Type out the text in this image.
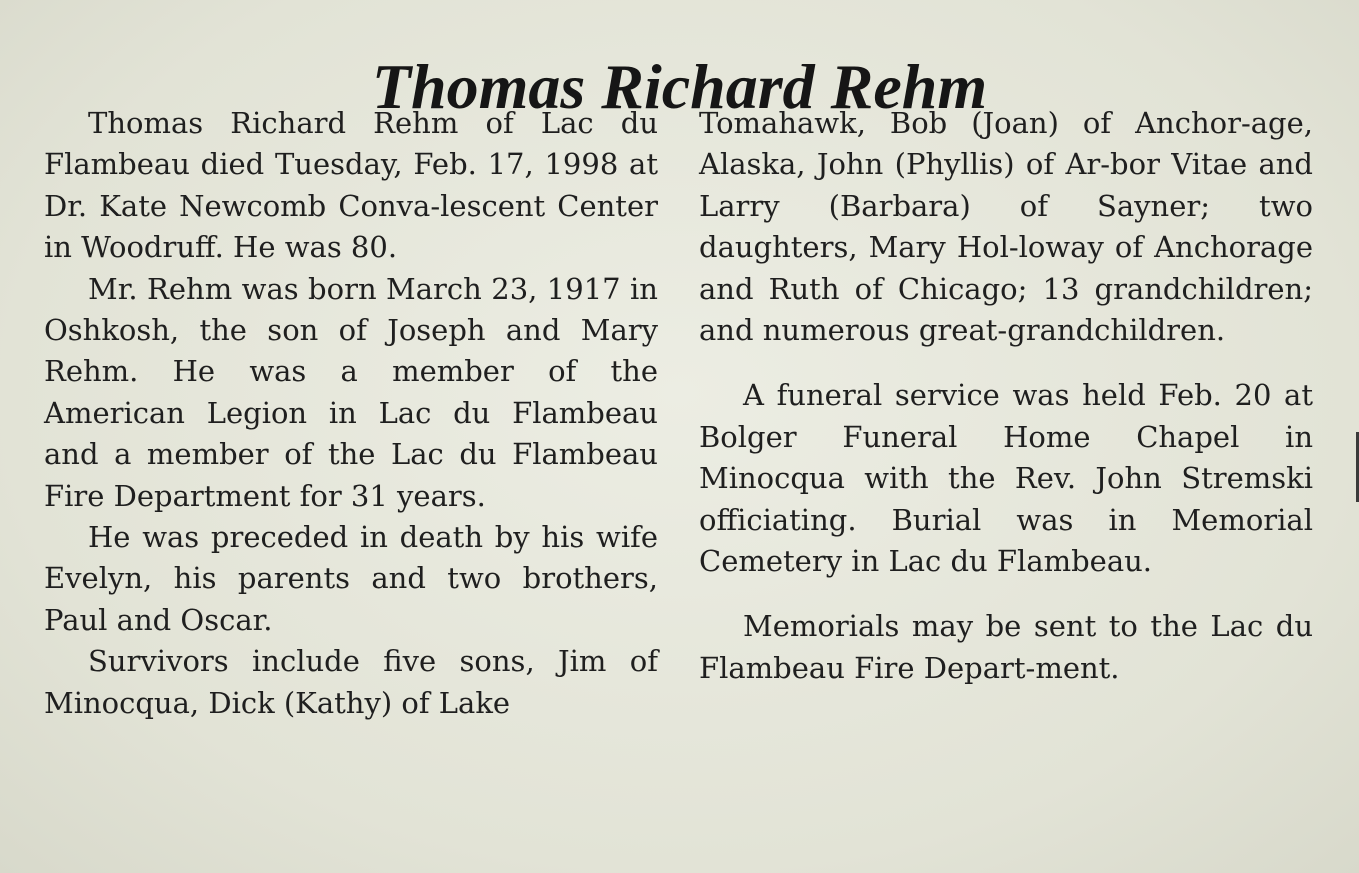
Thomas Richard Rehm

Thomas Richard Rehm of Lac du Flambeau died Tuesday, Feb. 17, 1998 at Dr. Kate Newcomb Conva-lescent Center in Woodruff. He was 80.

Mr. Rehm was born March 23, 1917 in Oshkosh, the son of Joseph and Mary Rehm. He was a member of the American Legion in Lac du Flambeau and a member of the Lac du Flambeau Fire Department for 31 years.

He was preceded in death by his wife Evelyn, his parents and two brothers, Paul and Oscar.

Survivors include five sons, Jim of Minocqua, Dick (Kathy) of Lake

Tomahawk, Bob (Joan) of Anchor-age, Alaska, John (Phyllis) of Ar-bor Vitae and Larry (Barbara) of Sayner; two daughters, Mary Hol-loway of Anchorage and Ruth of Chicago; 13 grandchildren; and numerous great-grandchildren.

A funeral service was held Feb. 20 at Bolger Funeral Home Chapel in Minocqua with the Rev. John Stremski officiating. Burial was in Memorial Cemetery in Lac du Flambeau.

Memorials may be sent to the Lac du Flambeau Fire Depart-ment.
